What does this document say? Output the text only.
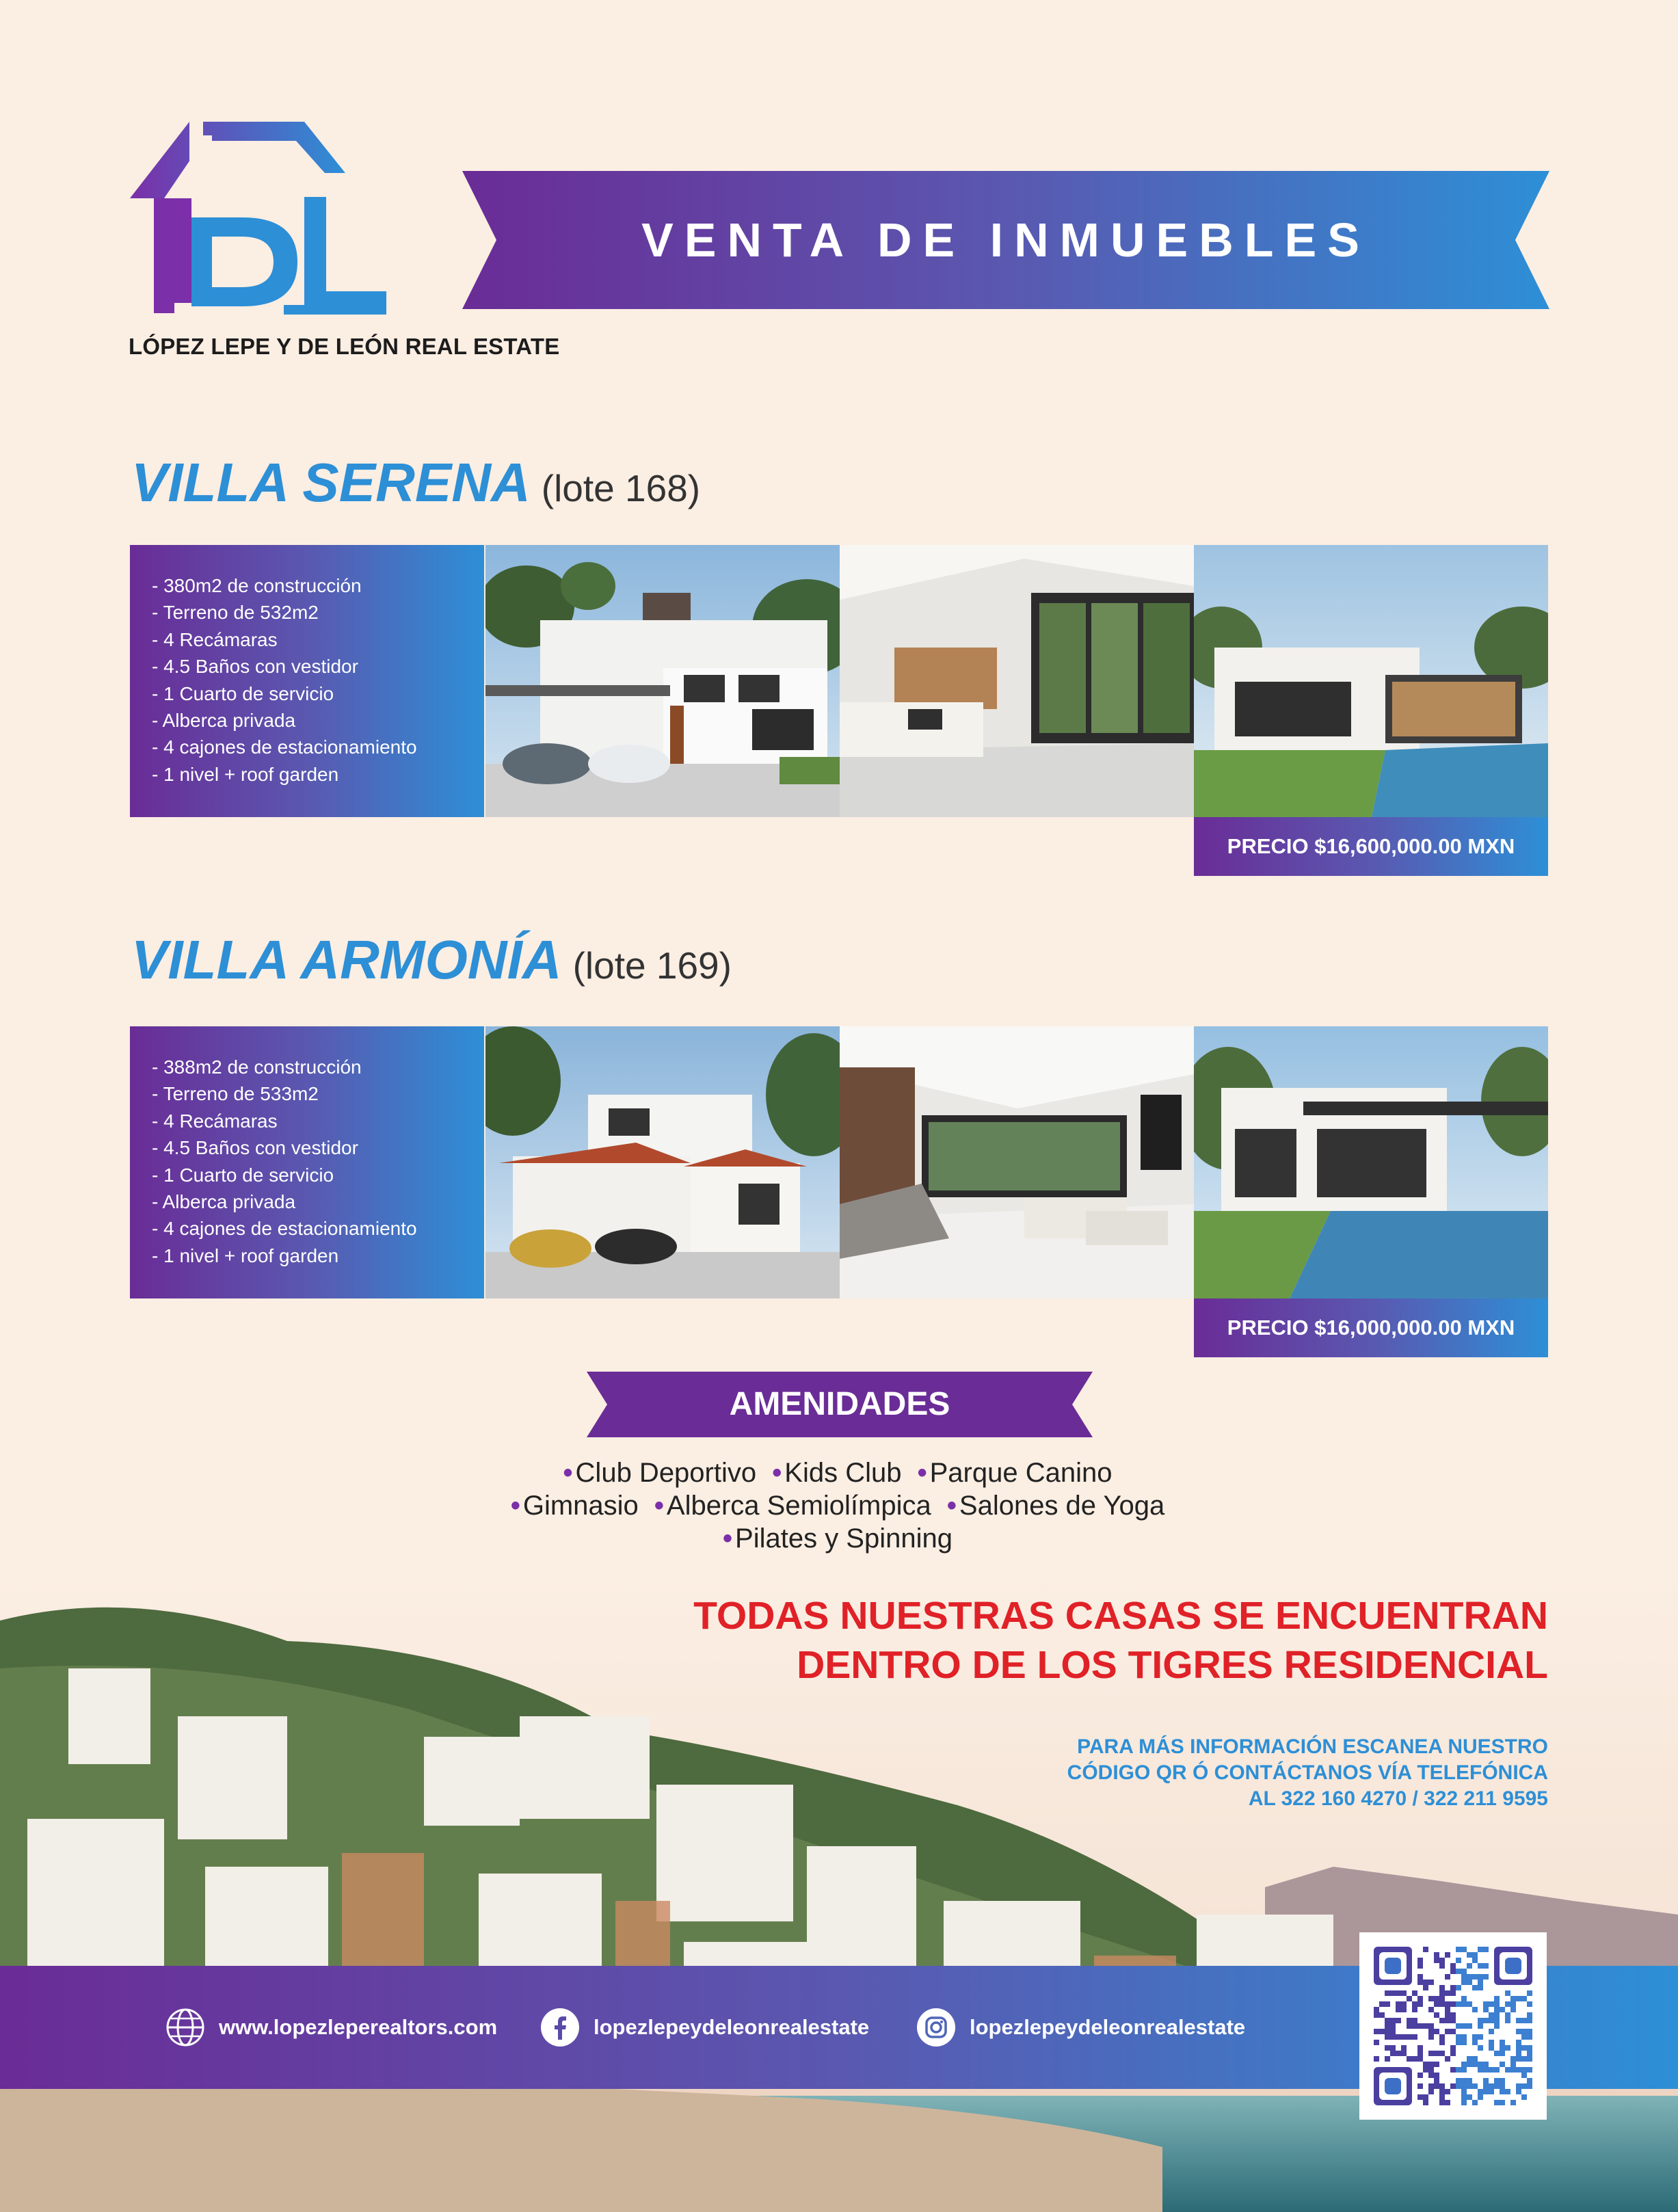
LÓPEZ LEPE Y DE LEÓN REAL ESTATE
VENTA DE INMUEBLES
VILLA SERENA (lote 168)
- 380m2 de construcción
- Terreno de 532m2
- 4 Recámaras
- 4.5 Baños con vestidor
- 1 Cuarto de servicio
- Alberca privada
- 4 cajones de estacionamiento
- 1 nivel + roof garden
PRECIO $16,600,000.00 MXN
VILLA ARMONÍA (lote 169)
- 388m2 de construcción
- Terreno de 533m2
- 4 Recámaras
- 4.5 Baños con vestidor
- 1 Cuarto de servicio
- Alberca privada
- 4 cajones de estacionamiento
- 1 nivel + roof garden
PRECIO $16,000,000.00 MXN
AMENIDADES
• Club Deportivo • Kids Club • Parque Canino
• Gimnasio • Alberca Semiolímpica • Salones de Yoga
• Pilates y Spinning
TODAS NUESTRAS CASAS SE ENCUENTRAN
DENTRO DE LOS TIGRES RESIDENCIAL
PARA MÁS INFORMACIÓN ESCANEA NUESTRO
CÓDIGO QR Ó CONTÁCTANOS VÍA TELEFÓNICA
AL 322 160 4270 / 322 211 9595
www.lopezleperealtors.com	lopezlepeydeleonrealestate	lopezlepeydeleonrealestate
